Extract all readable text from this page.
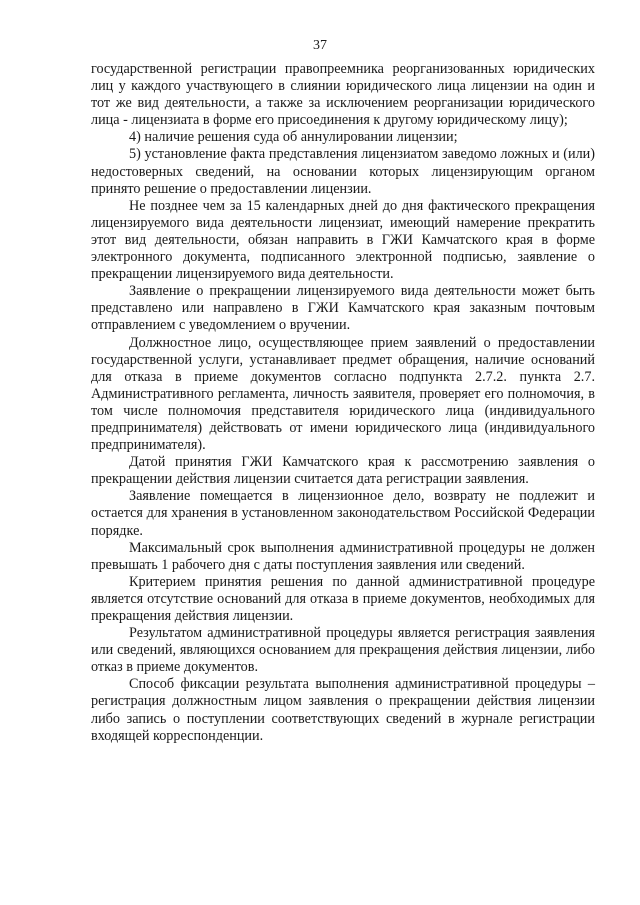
37

государственной регистрации правопреемника реорганизованных юридических лиц у каждого участвующего в слиянии юридического лица лицензии на один и тот же вид деятельности, а также за исключением реорганизации юридического лица - лицензиата в форме его присоединения к другому юридическому лицу);

4) наличие решения суда об аннулировании лицензии;

5) установление факта представления лицензиатом заведомо ложных и (или) недостоверных сведений, на основании которых лицензирующим органом принято решение о предоставлении лицензии.

Не позднее чем за 15 календарных дней до дня фактического прекращения лицензируемого вида деятельности лицензиат, имеющий намерение прекратить этот вид деятельности, обязан направить в ГЖИ Камчатского края в форме электронного документа, подписанного электронной подписью, заявление о прекращении лицензируемого вида деятельности.

Заявление о прекращении лицензируемого вида деятельности может быть представлено или направлено в ГЖИ Камчатского края заказным почтовым отправлением с уведомлением о вручении.

Должностное лицо, осуществляющее прием заявлений о предоставлении государственной услуги, устанавливает предмет обращения, наличие оснований для отказа в приеме документов согласно подпункта 2.7.2. пункта 2.7. Административного регламента, личность заявителя, проверяет его полномочия, в том числе полномочия представителя юридического лица (индивидуального предпринимателя) действовать от имени юридического лица (индивидуального предпринимателя).

Датой принятия ГЖИ Камчатского края к рассмотрению заявления о прекращении действия лицензии считается дата регистрации заявления.

Заявление помещается в лицензионное дело, возврату не подлежит и остается для хранения в установленном законодательством Российской Федерации порядке.

Максимальный срок выполнения административной процедуры не должен превышать 1 рабочего дня с даты поступления заявления или сведений.

Критерием принятия решения по данной административной процедуре является отсутствие оснований для отказа в приеме документов, необходимых для прекращения действия лицензии.

Результатом административной процедуры является регистрация заявления или сведений, являющихся основанием для прекращения действия лицензии, либо отказ в приеме документов.

Способ фиксации результата выполнения административной процедуры – регистрация должностным лицом заявления о прекращении действия лицензии либо запись о поступлении соответствующих сведений в журнале регистрации входящей корреспонденции.
